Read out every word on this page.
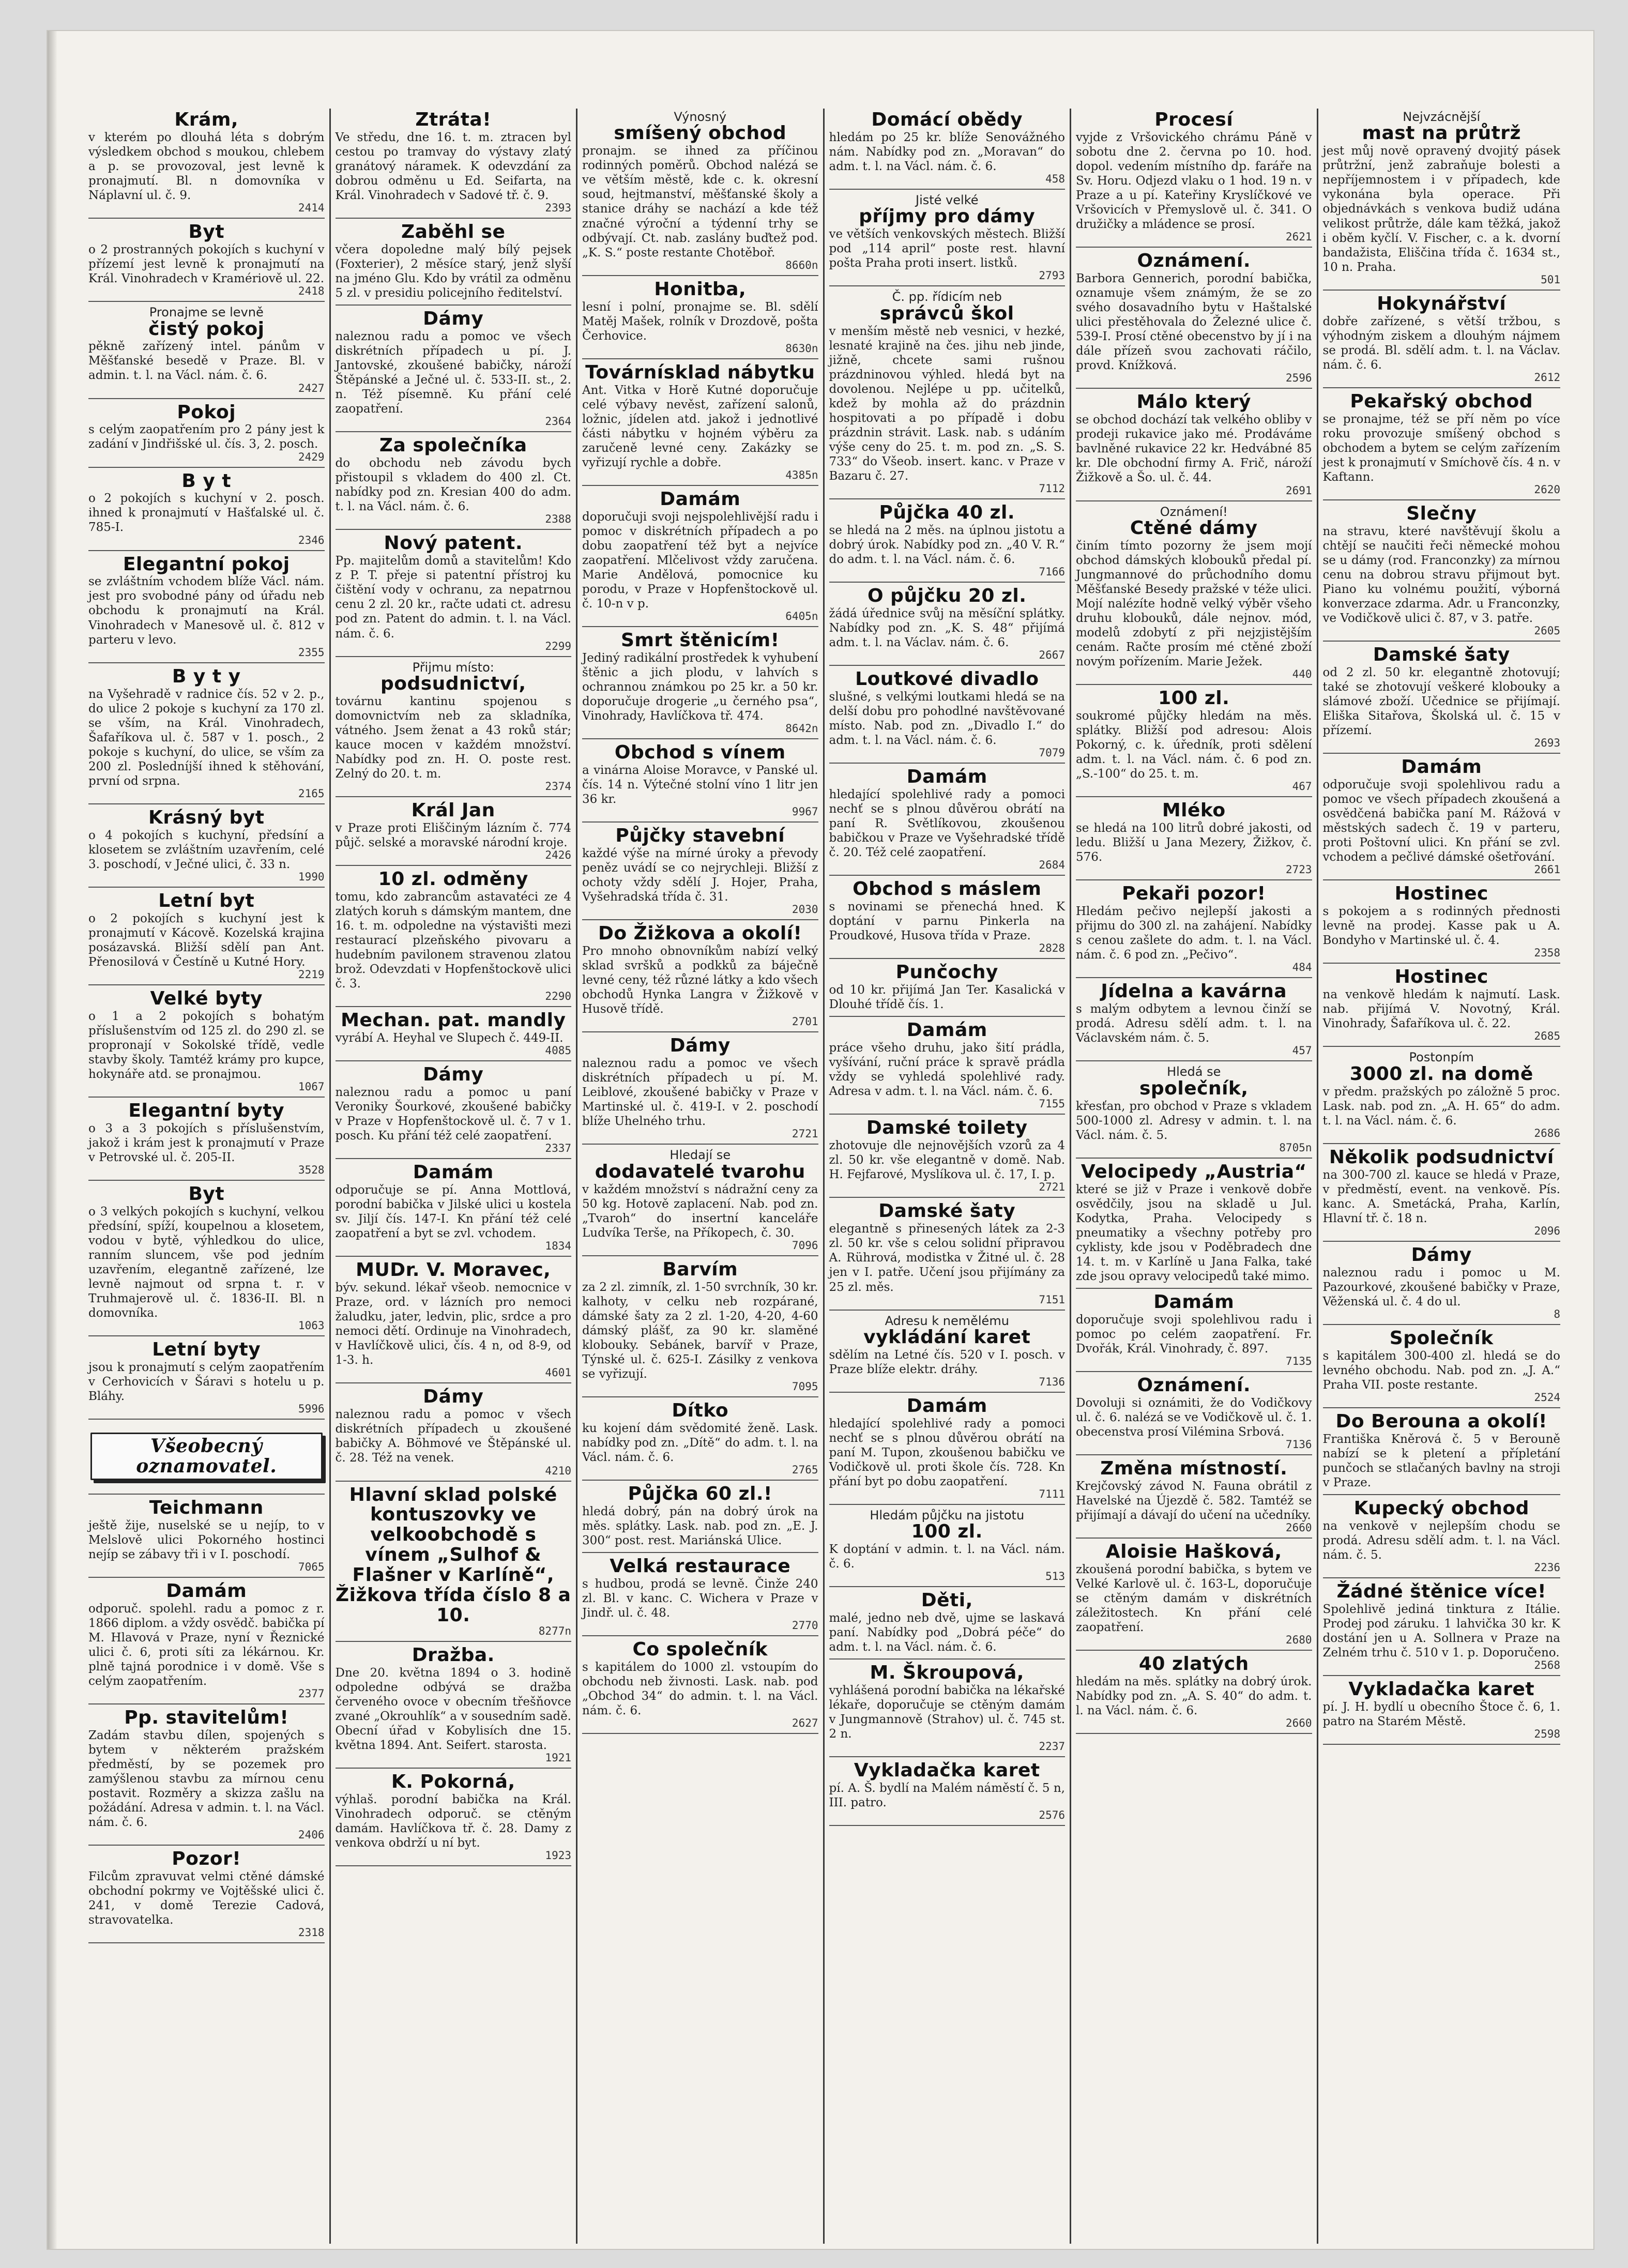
Krám,
v kterém po dlouhá léta s dobrým výsledkem obchod s moukou, chlebem a p. se provozoval, jest levně k pronajmutí. Bl. n domovníka v Náplavní ul. č. 9.
2414
Byt
o 2 prostranných pokojích s kuchyní v přízemí jest levně k pronajmutí na Král. Vinohradech v Kramériově ul. 22.
2418
Pronajme se levně
čistý pokoj
pěkně zařízený intel. pánům v Měšťanské besedě v Praze. Bl. v admin. t. l. na Václ. nám. č. 6.
2427
Pokoj
s celým zaopatřením pro 2 pány jest k zadání v Jindřišské ul. čís. 3, 2. posch.
2429
B y t
o 2 pokojích s kuchyní v 2. posch. ihned k pronajmutí v Hašťalské ul. č. 785-I.
2346
Elegantní pokoj
se zvláštním vchodem blíže Václ. nám. jest pro svobodné pány od úřadu neb obchodu k pronajmutí na Král. Vinohradech v Manesově ul. č. 812 v parteru v levo.
2355
B y t y
na Vyšehradě v radnice čís. 52 v 2. p., do ulice 2 pokoje s kuchyní za 170 zl. se vším, na Král. Vinohradech, Šafaříkova ul. č. 587 v 1. posch., 2 pokoje s kuchyní, do ulice, se vším za 200 zl. Posledníjší ihned k stěhování, první od srpna.
2165
Krásný byt
o 4 pokojích s kuchyní, předsíní a klosetem se zvláštním uzavřením, celé 3. poschodí, v Ječné ulici, č. 33 n.
1990
Letní byt
o 2 pokojích s kuchyní jest k pronajmutí v Kácově. Kozelská krajina posázavská. Bližší sdělí pan Ant. Přenosilová v Čestíně u Kutné Hory.
2219
Velké byty
o 1 a 2 pokojích s bohatým příslušenstvím od 125 zl. do 290 zl. se propronají v Sokolské třídě, vedle stavby školy. Tamtéž krámy pro kupce, hokynáře atd. se pronajmou.
1067
Elegantní byty
o 3 a 3 pokojích s příslušenstvím, jakož i krám jest k pronajmutí v Praze v Petrovské ul. č. 205-II.
3528
Byt
o 3 velkých pokojích s kuchyní, velkou předsíní, spíží, koupelnou a klosetem, vodou v bytě, výhledkou do ulice, ranním sluncem, vše pod jedním uzavřením, elegantně zařízené, lze levně najmout od srpna t. r. v Truhmajerově ul. č. 1836-II. Bl. n domovníka.
1063
Letní byty
jsou k pronajmutí s celým zaopatřením v Cerhovicích v Šáravi s hotelu u p. Bláhy.
5996
Všeobecný oznamovatel.
Teichmann
ještě žije, nuselské se u nejíp, to v Melslově ulici Pokorného hostinci nejíp se zábavy tři i v I. poschodí.
7065
Damám
odporuč. spolehl. radu a pomoc z r. 1866 diplom. a vždy osvědč. babička pí M. Hlavová v Praze, nyní v Řeznické ulici č. 6, proti síti za lékárnou. Kr. plně tajná porodnice i v domě. Vše s celým zaopatřením.
2377
Pp. stavitelům!
Zadám stavbu dílen, spojených s bytem v některém pražském předměstí, by se pozemek pro zamýšlenou stavbu za mírnou cenu postavit. Rozměry a skizza zašlu na požádání. Adresa v admin. t. l. na Václ. nám. č. 6.
2406
Pozor!
Filcům zpravuvat velmi ctěné dámské obchodní pokrmy ve Vojtěšské ulici č. 241, v domě Terezie Cadová, stravovatelka.
2318
Ztráta!
Ve středu, dne 16. t. m. ztracen byl cestou po tramvay do výstavy zlatý granátový náramek. K odevzdání za dobrou odměnu u Ed. Seifarta, na Král. Vinohradech v Sadové tř. č. 9.
2393
Zaběhl se
včera dopoledne malý bílý pejsek (Foxterier), 2 měsíce starý, jenž slyší na jméno Glu. Kdo by vrátil za odměnu 5 zl. v presidiu policejního ředitelství.
Dámy
naleznou radu a pomoc ve všech diskrétních případech u pí. J. Jantovské, zkoušené babičky, nároží Štěpánské a Ječné ul. č. 533-II. st., 2. n. Též písemně. Ku přání celé zaopatření.
2364
Za společníka
do obchodu neb závodu bych přistoupil s vkladem do 400 zl. Ct. nabídky pod zn. Kresian 400 do adm. t. l. na Václ. nám. č. 6.
2388
Nový patent.
Pp. majitelům domů a stavitelům! Kdo z P. T. přeje si patentní přístroj ku čištění vody v ochranu, za nepatrnou cenu 2 zl. 20 kr., račte udati ct. adresu pod zn. Patent do admin. t. l. na Václ. nám. č. 6.
2299
Přijmu místo:
podsudnictví,
továrnu kantinu spojenou s domovnictvím neb za skladníka, vátného. Jsem ženat a 43 roků stár; kauce mocen v každém množství. Nabídky pod zn. H. O. poste rest. Zelný do 20. t. m.
2374
Král Jan
v Praze proti Eliščiným lázním č. 774 půjč. selské a moravské národní kroje.
2426
10 zl. odměny
tomu, kdo zabrancům astavatéci ze 4 zlatých koruh s dámským mantem, dne 16. t. m. odpoledne na výstavišti mezi restaurací plzeňského pivovaru a hudebním pavilonem stravenou zlatou brož. Odevzdati v Hopfenštockově ulici č. 3.
2290
Mechan. pat. mandly
vyrábí A. Heyhal ve Slupech č. 449-II.
4085
Dámy
naleznou radu a pomoc u paní Veroniky Šourkové, zkoušené babičky v Praze v Hopfenštockově ul. č. 7 v 1. posch. Ku přání též celé zaopatření.
2337
Damám
odporučuje se pí. Anna Mottlová, porodní babička v Jilské ulici u kostela sv. Jiljí čís. 147-I. Kn přání též celé zaopatření a byt se zvl. vchodem.
1834
MUDr. V. Moravec,
býv. sekund. lékař všeob. nemocnice v Praze, ord. v lázních pro nemoci žaludku, jater, ledvin, plic, srdce a pro nemoci dětí. Ordinuje na Vinohradech, v Havlíčkově ulici, čís. 4 n, od 8-9, od 1-3. h.
4601
Dámy
naleznou radu a pomoc v všech diskrétních případech u zkoušené babičky A. Böhmové ve Štěpánské ul. č. 28. Též na venek.
4210
Hlavní sklad polské kontuszovky ve velkoobchodě s vínem „Sulhof & Flašner v Karlíně“, Žižkova třída číslo 8 a 10.
8277n
Dražba.
Dne 20. května 1894 o 3. hodině odpoledne odbývá se dražba červeného ovoce v obecním třešňovce zvané „Okrouhlík“ a v sousedním sadě. Obecní úřad v Kobylisích dne 15. května 1894. Ant. Seifert. starosta.
1921
K. Pokorná,
výhlaš. porodní babička na Král. Vinohradech odporuč. se ctěným damám. Havlíčkova tř. č. 28. Damy z venkova obdrží u ní byt.
1923
Výnosný
smíšený obchod
pronajm. se ihned za příčinou rodinných poměrů. Obchod nalézá se ve větším městě, kde c. k. okresní soud, hejtmanství, měšťanské školy a stanice dráhy se nachází a kde též značné výroční a týdenní trhy se odbývají. Ct. nab. zaslány buďtež pod. „K. S.“ poste restante Chotěboř.
8660n
Honitba,
lesní i polní, pronajme se. Bl. sdělí Matěj Mašek, rolník v Drozdově, pošta Čerhovice.
8630n
Továrnísklad nábytku
Ant. Vitka v Horě Kutné doporučuje celé výbavy nevěst, zařízení salonů, ložnic, jídelen atd. jakož i jednotlivé části nábytku v hojném výběru za zaručeně levné ceny. Zakázky se vyřizují rychle a dobře.
4385n
Damám
doporučuji svoji nejspolehlivější radu i pomoc v diskrétních případech a po dobu zaopatření též byt a nejvíce zaopatření. Mlčelivost vždy zaručena. Marie Andělová, pomocnice ku porodu, v Praze v Hopfenštockově ul. č. 10-n v p.
6405n
Smrt štěnicím!
Jediný radikální prostředek k vyhubení štěnic a jich plodu, v lahvích s ochrannou známkou po 25 kr. a 50 kr. doporučuje drogerie „u černého psa“, Vinohrady, Havlíčkova tř. 474.
8642n
Obchod s vínem
a vinárna Aloise Moravce, v Panské ul. čís. 14 n. Výtečné stolní víno 1 litr jen 36 kr.
9967
Půjčky stavební
každé výše na mírné úroky a převody peněz uvádí se co nejrychleji. Bližší z ochoty vždy sdělí J. Hojer, Praha, Vyšehradská třída č. 31.
2030
Do Žižkova a okolí!
Pro mnoho obnovníkům nabízí velký sklad svršků a podkků za báječně levné ceny, též různé látky a kdo všech obchodů Hynka Langra v Žižkově v Husově třídě.
2701
Dámy
naleznou radu a pomoc ve všech diskrétních případech u pí. M. Leiblové, zkoušené babičky v Praze v Martinské ul. č. 419-I. v 2. poschodí blíže Uhelného trhu.
2721
Hledají se
dodavatelé tvarohu
v každém množství s nádražní ceny za 50 kg. Hotově zaplacení. Nab. pod zn. „Tvaroh“ do insertní kanceláře Ludvíka Terše, na Příkopech, č. 30.
7096
Barvím
za 2 zl. zimník, zl. 1-50 svrchník, 30 kr. kalhoty, v celku neb rozpárané, dámské šaty za 2 zl. 1-20, 4-20, 4-60 dámský plášť, za 90 kr. slaměné klobouky. Sebánek, barvíř v Praze, Týnské ul. č. 625-I. Zásilky z venkova se vyřizují.
7095
Dítko
ku kojení dám svědomité ženě. Lask. nabídky pod zn. „Dítě“ do adm. t. l. na Václ. nám. č. 6.
2765
Půjčka 60 zl.!
hledá dobrý, pán na dobrý úrok na měs. splátky. Lask. nab. pod zn. „E. J. 300“ post. rest. Mariánská Ulice.
Velká restaurace
s hudbou, prodá se levně. Činže 240 zl. Bl. v kanc. C. Wichera v Praze v Jindř. ul. č. 48.
2770
Co společník
s kapitálem do 1000 zl. vstoupím do obchodu neb živnosti. Lask. nab. pod „Obchod 34“ do admin. t. l. na Václ. nám. č. 6.
2627
Domácí obědy
hledám po 25 kr. blíže Senovážného nám. Nabídky pod zn. „Moravan“ do adm. t. l. na Václ. nám. č. 6.
458
Jisté velké
příjmy pro dámy
ve větších venkovských městech. Bližší pod „114 april“ poste rest. hlavní pošta Praha proti insert. listků.
2793
Č. pp. řídicím neb
správců škol
v menším městě neb vesnici, v hezké, lesnaté krajině na čes. jihu neb jinde, jižně, chcete sami rušnou prázdninovou výhled. hledá byt na dovolenou. Nejlépe u pp. učitelků, kdež by mohla až do prázdnin hospitovati a po případě i dobu prázdnin strávit. Lask. nab. s udáním výše ceny do 25. t. m. pod zn. „S. S. 733“ do Všeob. insert. kanc. v Praze v Bazaru č. 27.
7112
Půjčka 40 zl.
se hledá na 2 měs. na úplnou jistotu a dobrý úrok. Nabídky pod zn. „40 V. R.“ do adm. t. l. na Václ. nám. č. 6.
7166
O půjčku 20 zl.
žádá úřednice svůj na měsíční splátky. Nabídky pod zn. „K. S. 48“ přijímá adm. t. l. na Václav. nám. č. 6.
2667
Loutkové divadlo
slušné, s velkými loutkami hledá se na delší dobu pro pohodlné navštěvované místo. Nab. pod zn. „Divadlo I.“ do adm. t. l. na Václ. nám. č. 6.
7079
Damám
hledající spolehlivé rady a pomoci nechť se s plnou důvěrou obrátí na paní R. Světlíkovou, zkoušenou babičkou v Praze ve Vyšehradské třídě č. 20. Též celé zaopatření.
2684
Obchod s máslem
s novinami se přenechá hned. K doptání v parnu Pinkerla na Proudkové, Husova třída v Praze.
2828
Punčochy
od 10 kr. přijímá Jan Ter. Kasalická v Dlouhé třídě čís. 1.
Damám
práce všeho druhu, jako šití prádla, vyšívání, ruční práce k spravě prádla vždy se vyhledá spolehlivé rady. Adresa v adm. t. l. na Václ. nám. č. 6.
7155
Damské toilety
zhotovuje dle nejnovějších vzorů za 4 zl. 50 kr. vše elegantně v domě. Nab. H. Fejfarové, Myslíkova ul. č. 17, I. p.
2721
Damské šaty
elegantně s přinesených látek za 2-3 zl. 50 kr. vše s celou solidní připravou A. Rührová, modistka v Žitné ul. č. 28 jen v I. patře. Učení jsou přijímány za 25 zl. měs.
7151
Adresu k nemělému
vykládání karet
sdělím na Letné čís. 520 v I. posch. v Praze blíže elektr. dráhy.
7136
Damám
hledající spolehlivé rady a pomoci nechť se s plnou důvěrou obrátí na paní M. Tupon, zkoušenou babičku ve Vodičkově ul. proti škole čís. 728. Kn přání byt po dobu zaopatření.
7111
Hledám půjčku na jistotu
100 zl.
K doptání v admin. t. l. na Václ. nám. č. 6.
513
Děti,
malé, jedno neb dvě, ujme se laskavá paní. Nabídky pod „Dobrá péče“ do adm. t. l. na Václ. nám. č. 6.
M. Škroupová,
vyhlášená porodní babička na lékařské lékaře, doporučuje se ctěným damám v Jungmannově (Strahov) ul. č. 745 st. 2 n.
2237
Vykladačka karet
pí. A. Š. bydlí na Malém náměstí č. 5 n, III. patro.
2576
Procesí
vyjde z Vršovického chrámu Páně v sobotu dne 2. června po 10. hod. dopol. vedením místního dp. faráře na Sv. Horu. Odjezd vlaku o 1 hod. 19 n. v Praze a u pí. Kateřiny Kryslíčkové ve Vršovicích v Přemyslově ul. č. 341. O družičky a mládence se prosí.
2621
Oznámení.
Barbora Gennerich, porodní babička, oznamuje všem známým, že se zo svého dosavadního bytu v Haštalské ulici přestěhovala do Železné ulice č. 539-I. Prosí ctěné obecenstvo by jí i na dále přízeň svou zachovati ráčilo, provd. Knížková.
2596
Málo který
se obchod dochází tak velkého obliby v prodeji rukavice jako mé. Prodáváme bavlněné rukavice 22 kr. Hedvábné 85 kr. Dle obchodní firmy A. Frič, nároží Žižkově a Šo. ul. č. 44.
2691
Oznámení!
Ctěné dámy
činím tímto pozorny že jsem mojí obchod dámských klobouků předal pí. Jungmannové do průchodního domu Měšťanské Besedy pražské v téže ulici. Mojí nalézíte hodně velký výběr všeho druhu klobouků, dále nejnov. mód, modelů zdobytí z při nejzjistějším cenám. Račte prosím mé ctěné zboží novým pořízením. Marie Ježek.
440
100 zl.
soukromé půjčky hledám na měs. splátky. Bližší pod adresou: Alois Pokorný, c. k. úředník, proti sdělení adm. t. l. na Václ. nám. č. 6 pod zn. „S.-100“ do 25. t. m.
467
Mléko
se hledá na 100 litrů dobré jakosti, od ledu. Bližší u Jana Mezery, Žižkov, č. 576.
2723
Pekaři pozor!
Hledám pečivo nejlepší jakosti a přijmu do 300 zl. na zahájení. Nabídky s cenou zašlete do adm. t. l. na Václ. nám. č. 6 pod zn. „Pečivo“.
484
Jídelna a kavárna
s malým odbytem a levnou činží se prodá. Adresu sdělí adm. t. l. na Václavském nám. č. 5.
457
Hledá se
společník,
křesťan, pro obchod v Praze s vkladem 500-1000 zl. Adresy v admin. t. l. na Václ. nám. č. 5.
8705n
Velocipedy „Austria“
které se již v Praze i venkově dobře osvědčily, jsou na skladě u Jul. Kodytka, Praha. Velocipedy s pneumatiky a všechny potřeby pro cyklisty, kde jsou v Poděbradech dne 14. t. m. v Karlíně u Jana Falka, také zde jsou opravy velocipedů také mimo.
Damám
doporučuje svoji spolehlivou radu i pomoc po celém zaopatření. Fr. Dvořák, Král. Vinohrady, č. 897.
7135
Oznámení.
Dovoluji si oznámiti, že do Vodičkovy ul. č. 6. nalézá se ve Vodičkově ul. č. 1. obecenstva prosí Vilémina Srbová.
7136
Změna místností.
Krejčovský závod N. Fauna obrátil z Havelské na Újezdě č. 582. Tamtéž se přijímají a dávají do učení na učedníky.
2660
Aloisie Hašková,
zkoušená porodní babička, s bytem ve Velké Karlově ul. č. 163-L, doporučuje se ctěným damám v diskrétních záležitostech. Kn přání celé zaopatření.
2680
40 zlatých
hledám na měs. splátky na dobrý úrok. Nabídky pod zn. „A. S. 40“ do adm. t. l. na Václ. nám. č. 6.
2660
Nejvzácnější
mast na průtrž
jest můj nově opravený dvojitý pásek průtržní, jenž zabraňuje bolesti a nepříjemnostem i v případech, kde vykonána byla operace. Při objednávkách s venkova budiž udána velikost průtrže, dále kam těžká, jakož i oběm kyčlí. V. Fischer, c. a k. dvorní bandažista, Eliščina třída č. 1634 st., 10 n. Praha.
501
Hokynářství
dobře zařízené, s větší tržbou, s výhodným ziskem a dlouhým nájmem se prodá. Bl. sdělí adm. t. l. na Václav. nám. č. 6.
2612
Pekařský obchod
se pronajme, též se pří něm po více roku provozuje smíšený obchod s obchodem a bytem se celým zařízením jest k pronajmutí v Smíchově čís. 4 n. v Kaftann.
2620
Slečny
na stravu, které navštěvují školu a chtějí se naučiti řeči německé mohou se u dámy (rod. Franconzky) za mírnou cenu na dobrou stravu přijmout byt. Piano ku volnému použití, výborná konverzace zdarma. Adr. u Franconzky, ve Vodičkově ulici č. 87, v 3. patře.
2605
Damské šaty
od 2 zl. 50 kr. elegantně zhotovují; také se zhotovují veškeré klobouky a slámové zboží. Učednice se přijímají. Eliška Sitařova, Školská ul. č. 15 v přízemí.
2693
Damám
odporučuje svoji spolehlivou radu a pomoc ve všech případech zkoušená a osvědčená babička paní M. Rážová v městských sadech č. 19 v parteru, proti Poštovní ulici. Kn přání se zvl. vchodem a pečlivé dámské ošetřování.
2661
Hostinec
s pokojem a s rodinných přednosti levně na prodej. Kasse pak u A. Bondyho v Martinské ul. č. 4.
2358
Hostinec
na venkově hledám k najmutí. Lask. nab. přijímá V. Novotný, Král. Vinohrady, Šafaříkova ul. č. 22.
2685
Postonpím
3000 zl. na domě
v předm. pražských po záložně 5 proc. Lask. nab. pod zn. „A. H. 65“ do adm. t. l. na Václ. nám. č. 6.
2686
Několik podsudnictví
na 300-700 zl. kauce se hledá v Praze, v předměstí, event. na venkově. Pís. kanc. A. Smetácká, Praha, Karlín, Hlavní tř. č. 18 n.
2096
Dámy
naleznou radu i pomoc u M. Pazourkové, zkoušené babičky v Praze, Věženská ul. č. 4 do ul.
8
Společník
s kapitálem 300-400 zl. hledá se do levného obchodu. Nab. pod zn. „J. A.“ Praha VII. poste restante.
2524
Do Berouna a okolí!
Františka Kněrová č. 5 v Berouně nabízí se k pletení a přípletání punčoch se stlačaných bavlny na stroji v Praze.
Kupecký obchod
na venkově v nejlepším chodu se prodá. Adresu sdělí adm. t. l. na Václ. nám. č. 5.
2236
Žádné štěnice více!
Spolehlivě jediná tinktura z Itálie. Prodej pod záruku. 1 lahvička 30 kr. K dostání jen u A. Sollnera v Praze na Zelném trhu č. 510 v 1. p. Doporučeno.
2568
Vykladačka karet
pí. J. H. bydlí u obecního Štoce č. 6, 1. patro na Starém Městě.
2598
